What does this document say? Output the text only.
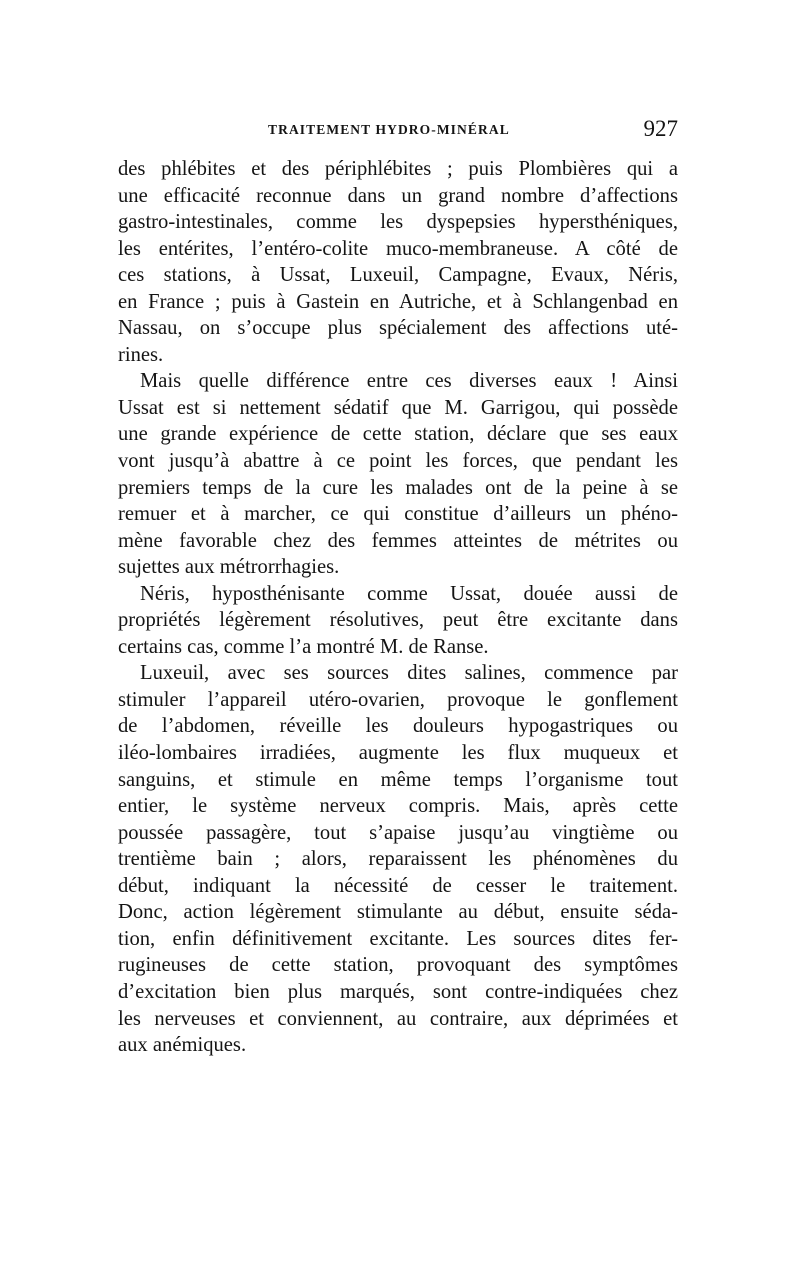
TRAITEMENT HYDRO-MINÉRAL	927
des phlébites et des périphlébites ; puis Plombières qui a
une efficacité reconnue dans un grand nombre d’affections
gastro-intestinales, comme les dyspepsies hypersthéniques,
les entérites, l’entéro-colite muco-membraneuse. A côté de
ces stations, à Ussat, Luxeuil, Campagne, Evaux, Néris,
en France ; puis à Gastein en Autriche, et à Schlangenbad en
Nassau, on s’occupe plus spécialement des affections uté-
rines.
Mais quelle différence entre ces diverses eaux ! Ainsi
Ussat est si nettement sédatif que M. Garrigou, qui possède
une grande expérience de cette station, déclare que ses eaux
vont jusqu’à abattre à ce point les forces, que pendant les
premiers temps de la cure les malades ont de la peine à se
remuer et à marcher, ce qui constitue d’ailleurs un phéno-
mène favorable chez des femmes atteintes de métrites ou
sujettes aux métrorrhagies.
Néris, hyposthénisante comme Ussat, douée aussi de
propriétés légèrement résolutives, peut être excitante dans
certains cas, comme l’a montré M. de Ranse.
Luxeuil, avec ses sources dites salines, commence par
stimuler l’appareil utéro-ovarien, provoque le gonflement
de l’abdomen, réveille les douleurs hypogastriques ou
iléo-lombaires irradiées, augmente les flux muqueux et
sanguins, et stimule en même temps l’organisme tout
entier, le système nerveux compris. Mais, après cette
poussée passagère, tout s’apaise jusqu’au vingtième ou
trentième bain ; alors, reparaissent les phénomènes du
début, indiquant la nécessité de cesser le traitement.
Donc, action légèrement stimulante au début, ensuite séda-
tion, enfin définitivement excitante. Les sources dites fer-
rugineuses de cette station, provoquant des symptômes
d’excitation bien plus marqués, sont contre-indiquées chez
les nerveuses et conviennent, au contraire, aux déprimées et
aux anémiques.
